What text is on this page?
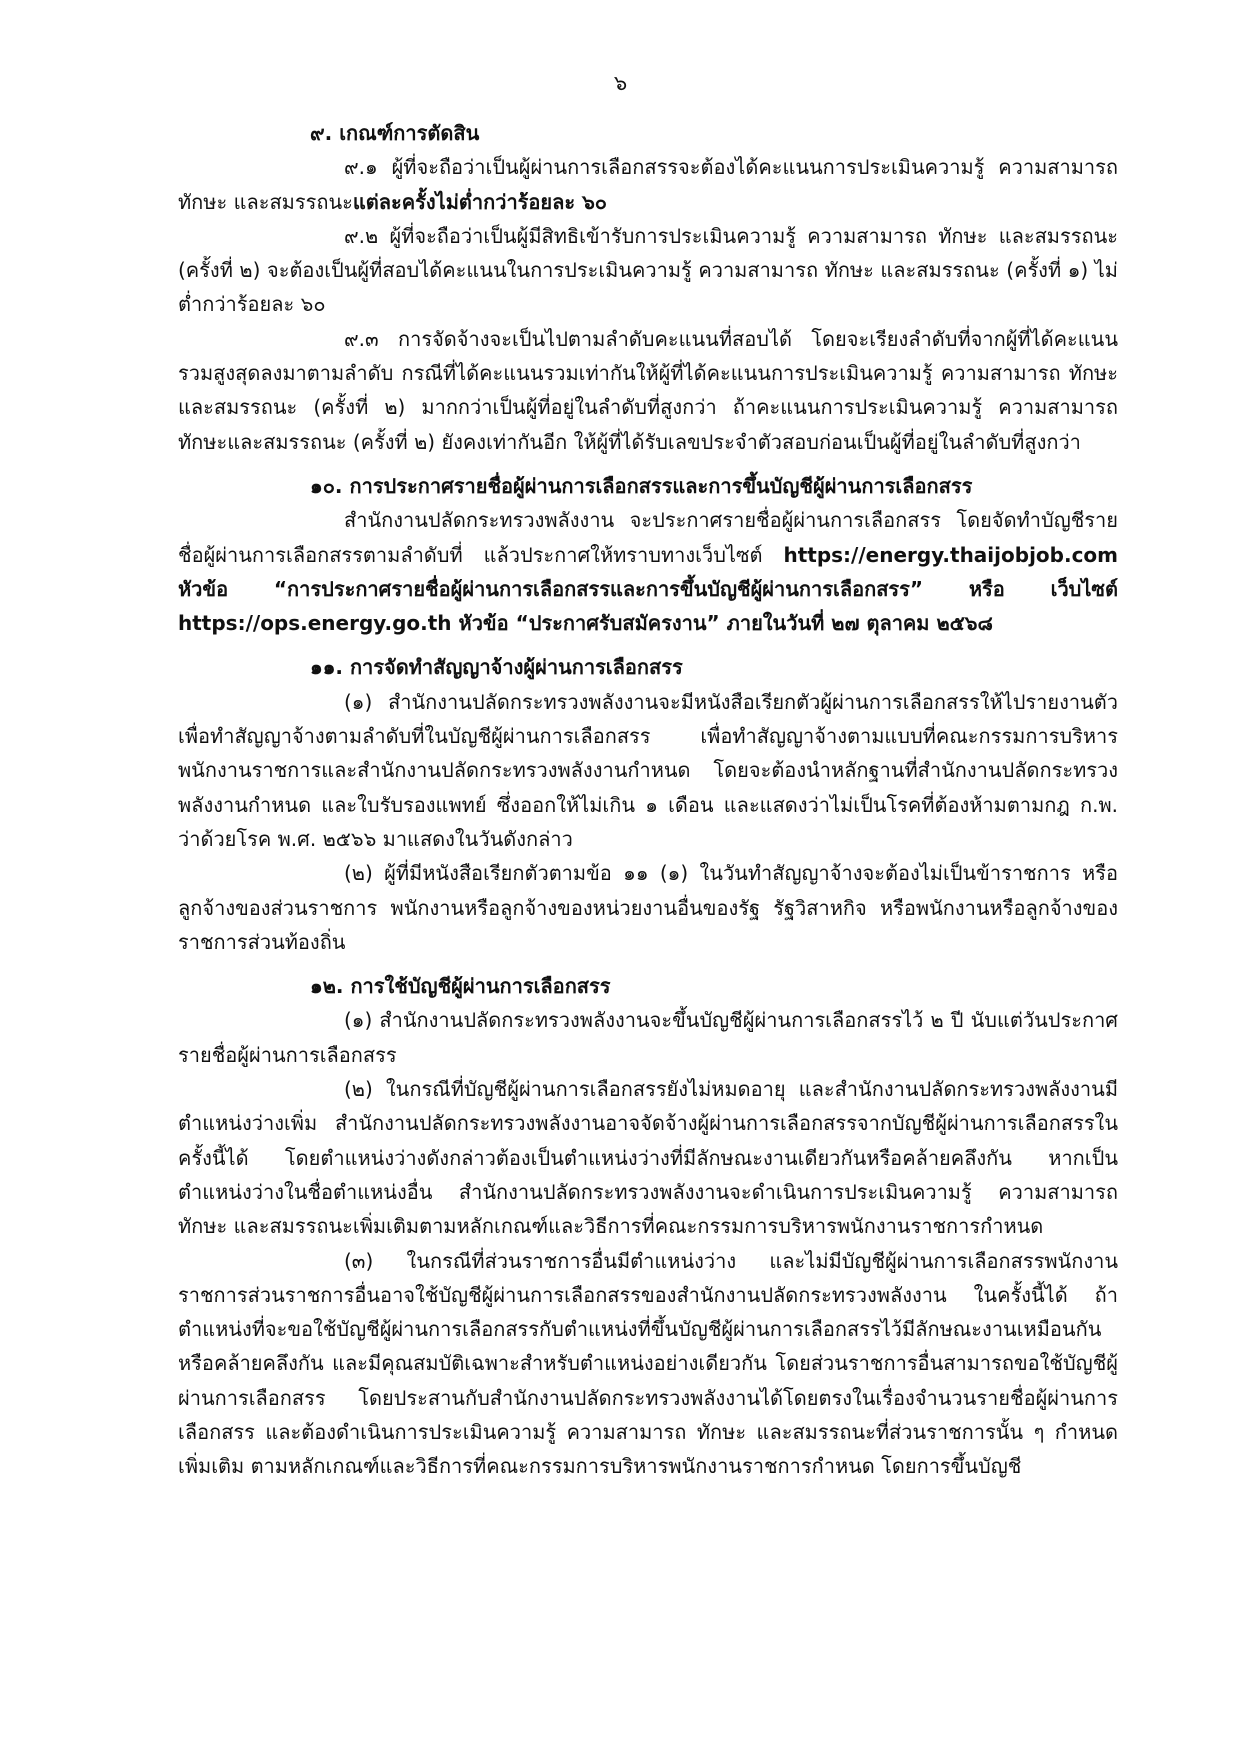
๖

๙. เกณฑ์การตัดสิน

๙.๑ ผู้ที่จะถือว่าเป็นผู้ผ่านการเลือกสรรจะต้องได้คะแนนการประเมินความรู้ ความสามารถ ทักษะ และสมรรถนะแต่ละครั้งไม่ต่ำกว่าร้อยละ ๖๐

๙.๒ ผู้ที่จะถือว่าเป็นผู้มีสิทธิเข้ารับการประเมินความรู้ ความสามารถ ทักษะ และสมรรถนะ (ครั้งที่ ๒) จะต้องเป็นผู้ที่สอบได้คะแนนในการประเมินความรู้ ความสามารถ ทักษะ และสมรรถนะ (ครั้งที่ ๑) ไม่ต่ำกว่าร้อยละ ๖๐

๙.๓ การจัดจ้างจะเป็นไปตามลำดับคะแนนที่สอบได้ โดยจะเรียงลำดับที่จากผู้ที่ได้คะแนนรวมสูงสุดลงมาตามลำดับ กรณีที่ได้คะแนนรวมเท่ากันให้ผู้ที่ได้คะแนนการประเมินความรู้ ความสามารถ ทักษะและสมรรถนะ (ครั้งที่ ๒) มากกว่าเป็นผู้ที่อยู่ในลำดับที่สูงกว่า ถ้าคะแนนการประเมินความรู้ ความสามารถ ทักษะและสมรรถนะ (ครั้งที่ ๒) ยังคงเท่ากันอีก ให้ผู้ที่ได้รับเลขประจำตัวสอบก่อนเป็นผู้ที่อยู่ในลำดับที่สูงกว่า

๑๐. การประกาศรายชื่อผู้ผ่านการเลือกสรรและการขึ้นบัญชีผู้ผ่านการเลือกสรร

สำนักงานปลัดกระทรวงพลังงาน จะประกาศรายชื่อผู้ผ่านการเลือกสรร โดยจัดทำบัญชีรายชื่อผู้ผ่านการเลือกสรรตามลำดับที่ แล้วประกาศให้ทราบทางเว็บไซต์ https://energy.thaijobjob.com หัวข้อ “การประกาศรายชื่อผู้ผ่านการเลือกสรรและการขึ้นบัญชีผู้ผ่านการเลือกสรร” หรือ เว็บไซต์ https://ops.energy.go.th หัวข้อ “ประกาศรับสมัครงาน” ภายในวันที่ ๒๗ ตุลาคม ๒๕๖๘

๑๑. การจัดทำสัญญาจ้างผู้ผ่านการเลือกสรร

(๑) สำนักงานปลัดกระทรวงพลังงานจะมีหนังสือเรียกตัวผู้ผ่านการเลือกสรรให้ไปรายงานตัวเพื่อทำสัญญาจ้างตามลำดับที่ในบัญชีผู้ผ่านการเลือกสรร เพื่อทำสัญญาจ้างตามแบบที่คณะกรรมการบริหารพนักงานราชการและสำนักงานปลัดกระทรวงพลังงานกำหนด โดยจะต้องนำหลักฐานที่สำนักงานปลัดกระทรวงพลังงานกำหนด และใบรับรองแพทย์ ซึ่งออกให้ไม่เกิน ๑ เดือน และแสดงว่าไม่เป็นโรคที่ต้องห้ามตามกฎ ก.พ. ว่าด้วยโรค พ.ศ. ๒๕๖๖ มาแสดงในวันดังกล่าว

(๒) ผู้ที่มีหนังสือเรียกตัวตามข้อ ๑๑ (๑) ในวันทำสัญญาจ้างจะต้องไม่เป็นข้าราชการ หรือลูกจ้างของส่วนราชการ พนักงานหรือลูกจ้างของหน่วยงานอื่นของรัฐ รัฐวิสาหกิจ หรือพนักงานหรือลูกจ้างของราชการส่วนท้องถิ่น

๑๒. การใช้บัญชีผู้ผ่านการเลือกสรร

(๑) สำนักงานปลัดกระทรวงพลังงานจะขึ้นบัญชีผู้ผ่านการเลือกสรรไว้ ๒ ปี นับแต่วันประกาศรายชื่อผู้ผ่านการเลือกสรร

(๒) ในกรณีที่บัญชีผู้ผ่านการเลือกสรรยังไม่หมดอายุ และสำนักงานปลัดกระทรวงพลังงานมีตำแหน่งว่างเพิ่ม สำนักงานปลัดกระทรวงพลังงานอาจจัดจ้างผู้ผ่านการเลือกสรรจากบัญชีผู้ผ่านการเลือกสรรในครั้งนี้ได้ โดยตำแหน่งว่างดังกล่าวต้องเป็นตำแหน่งว่างที่มีลักษณะงานเดียวกันหรือคล้ายคลึงกัน หากเป็นตำแหน่งว่างในชื่อตำแหน่งอื่น สำนักงานปลัดกระทรวงพลังงานจะดำเนินการประเมินความรู้ ความสามารถ ทักษะ และสมรรถนะเพิ่มเติมตามหลักเกณฑ์และวิธีการที่คณะกรรมการบริหารพนักงานราชการกำหนด

(๓) ในกรณีที่ส่วนราชการอื่นมีตำแหน่งว่าง และไม่มีบัญชีผู้ผ่านการเลือกสรรพนักงานราชการส่วนราชการอื่นอาจใช้บัญชีผู้ผ่านการเลือกสรรของสำนักงานปลัดกระทรวงพลังงาน ในครั้งนี้ได้ ถ้าตำแหน่งที่จะขอใช้บัญชีผู้ผ่านการเลือกสรรกับตำแหน่งที่ขึ้นบัญชีผู้ผ่านการเลือกสรรไว้มีลักษณะงานเหมือนกันหรือคล้ายคลึงกัน และมีคุณสมบัติเฉพาะสำหรับตำแหน่งอย่างเดียวกัน โดยส่วนราชการอื่นสามารถขอใช้บัญชีผู้ผ่านการเลือกสรร โดยประสานกับสำนักงานปลัดกระทรวงพลังงานได้โดยตรงในเรื่องจำนวนรายชื่อผู้ผ่านการเลือกสรร และต้องดำเนินการประเมินความรู้ ความสามารถ ทักษะ และสมรรถนะที่ส่วนราชการนั้น ๆ กำหนดเพิ่มเติม ตามหลักเกณฑ์และวิธีการที่คณะกรรมการบริหารพนักงานราชการกำหนด โดยการขึ้นบัญชี
